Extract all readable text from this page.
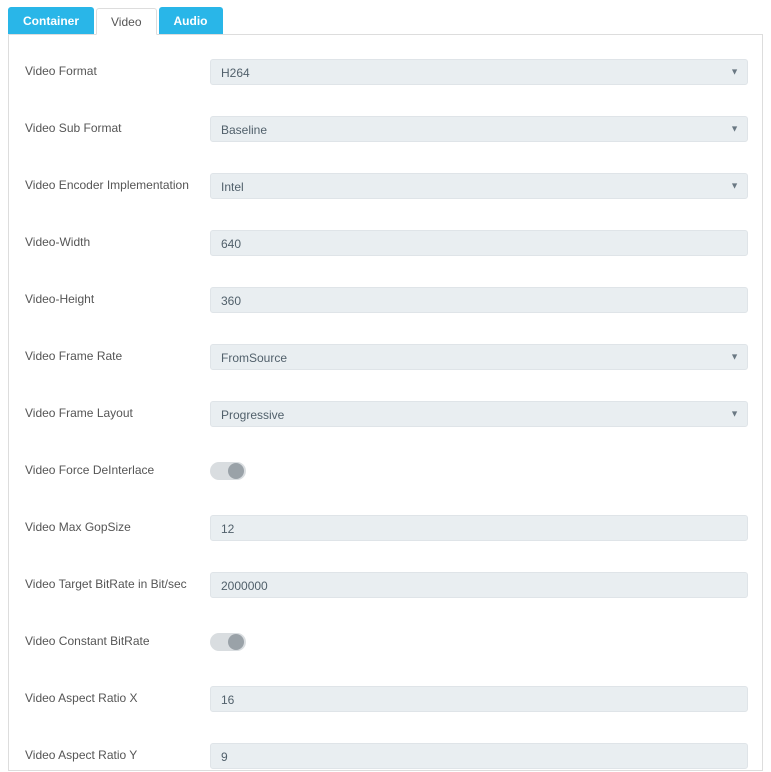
Container	Video	Audio
Video Format	H264	▼
Video Sub Format	Baseline	▼
Video Encoder Implementation	Intel	▼
Video-Width	640
Video-Height	360
Video Frame Rate	FromSource	▼
Video Frame Layout	Progressive	▼
Video Force DeInterlace
Video Max GopSize	12
Video Target BitRate in Bit/sec	2000000
Video Constant BitRate
Video Aspect Ratio X	16
Video Aspect Ratio Y	9
